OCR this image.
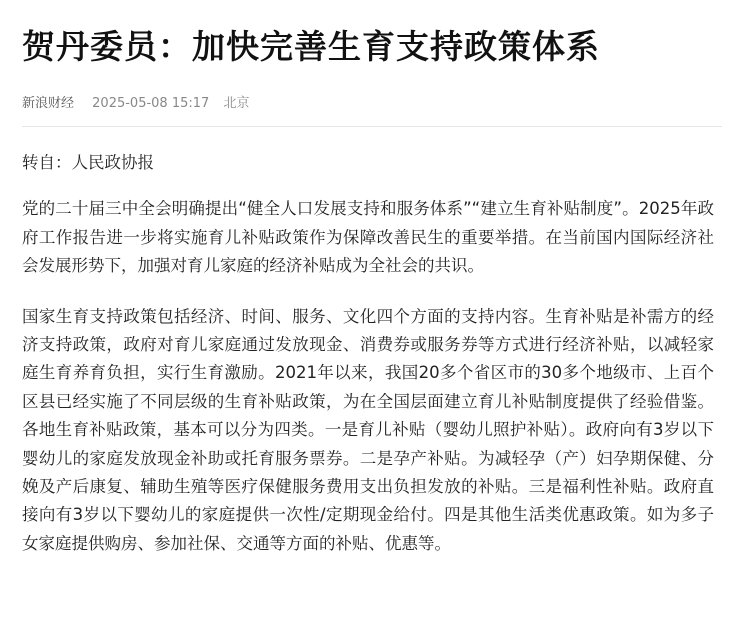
贺丹委员：加快完善生育支持政策体系
新浪财经 2025-05-08 15:17 北京

转自：人民政协报

党的二十届三中全会明确提出“健全人口发展支持和服务体系”“建立生育补贴制度”。2025年政府工作报告进一步将实施育儿补贴政策作为保障改善民生的重要举措。在当前国内国际经济社会发展形势下，加强对育儿家庭的经济补贴成为全社会的共识。

国家生育支持政策包括经济、时间、服务、文化四个方面的支持内容。生育补贴是补需方的经济支持政策，政府对育儿家庭通过发放现金、消费券或服务券等方式进行经济补贴，以减轻家庭生育养育负担，实行生育激励。2021年以来，我国20多个省区市的30多个地级市、上百个区县已经实施了不同层级的生育补贴政策，为在全国层面建立育儿补贴制度提供了经验借鉴。各地生育补贴政策，基本可以分为四类。一是育儿补贴（婴幼儿照护补贴）。政府向有3岁以下婴幼儿的家庭发放现金补助或托育服务票券。二是孕产补贴。为减轻孕（产）妇孕期保健、分娩及产后康复、辅助生殖等医疗保健服务费用支出负担发放的补贴。三是福利性补贴。政府直接向有3岁以下婴幼儿的家庭提供一次性/定期现金给付。四是其他生活类优惠政策。如为多子女家庭提供购房、参加社保、交通等方面的补贴、优惠等。
